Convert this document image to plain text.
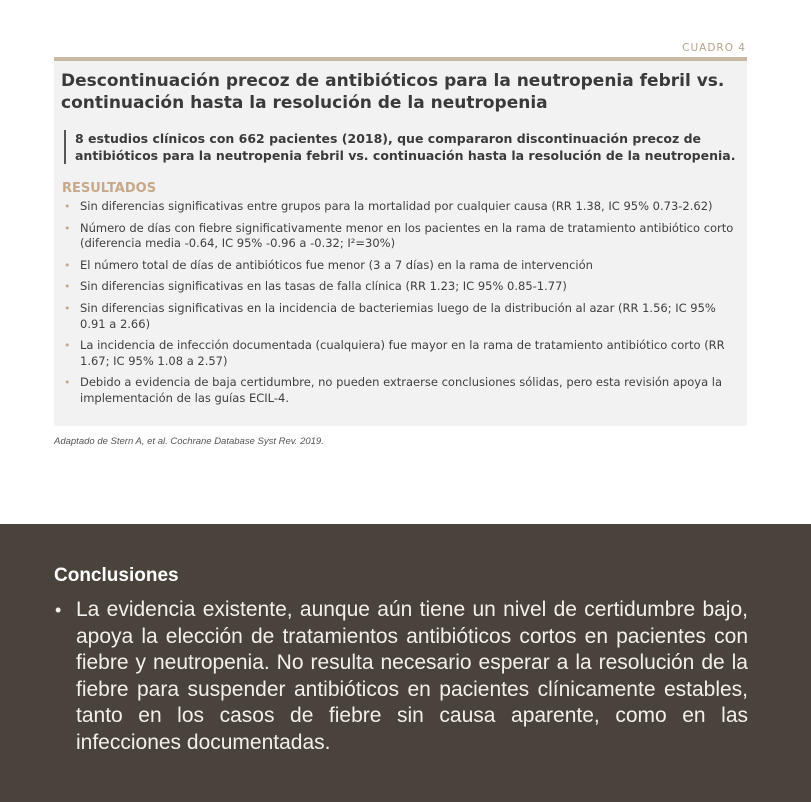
CUADRO 4
Descontinuación precoz de antibióticos para la neutropenia febril vs. continuación hasta la resolución de la neutropenia
8 estudios clínicos con 662 pacientes (2018), que compararon discontinuación precoz de antibióticos para la neutropenia febril vs. continuación hasta la resolución de la neutropenia.
RESULTADOS
• Sin diferencias significativas entre grupos para la mortalidad por cualquier causa (RR 1.38, IC 95% 0.73-2.62)
• Número de días con fiebre significativamente menor en los pacientes en la rama de tratamiento antibiótico corto (diferencia media -0.64, IC 95% -0.96 a -0.32; I²=30%)
• El número total de días de antibióticos fue menor (3 a 7 días) en la rama de intervención
• Sin diferencias significativas en las tasas de falla clínica (RR 1.23; IC 95% 0.85-1.77)
• Sin diferencias significativas en la incidencia de bacteriemias luego de la distribución al azar (RR 1.56; IC 95% 0.91 a 2.66)
• La incidencia de infección documentada (cualquiera) fue mayor en la rama de tratamiento antibiótico corto (RR 1.67; IC 95% 1.08 a 2.57)
• Debido a evidencia de baja certidumbre, no pueden extraerse conclusiones sólidas, pero esta revisión apoya la implementación de las guías ECIL-4.
Adaptado de Stern A, et al. Cochrane Database Syst Rev. 2019.
Conclusiones
• La evidencia existente, aunque aún tiene un nivel de certidumbre bajo, apoya la elección de tratamientos antibióticos cortos en pacientes con fiebre y neutropenia. No resulta necesario esperar a la resolución de la fiebre para suspender antibióticos en pacientes clínicamente estables, tanto en los casos de fiebre sin causa aparente, como en las infecciones documentadas.
